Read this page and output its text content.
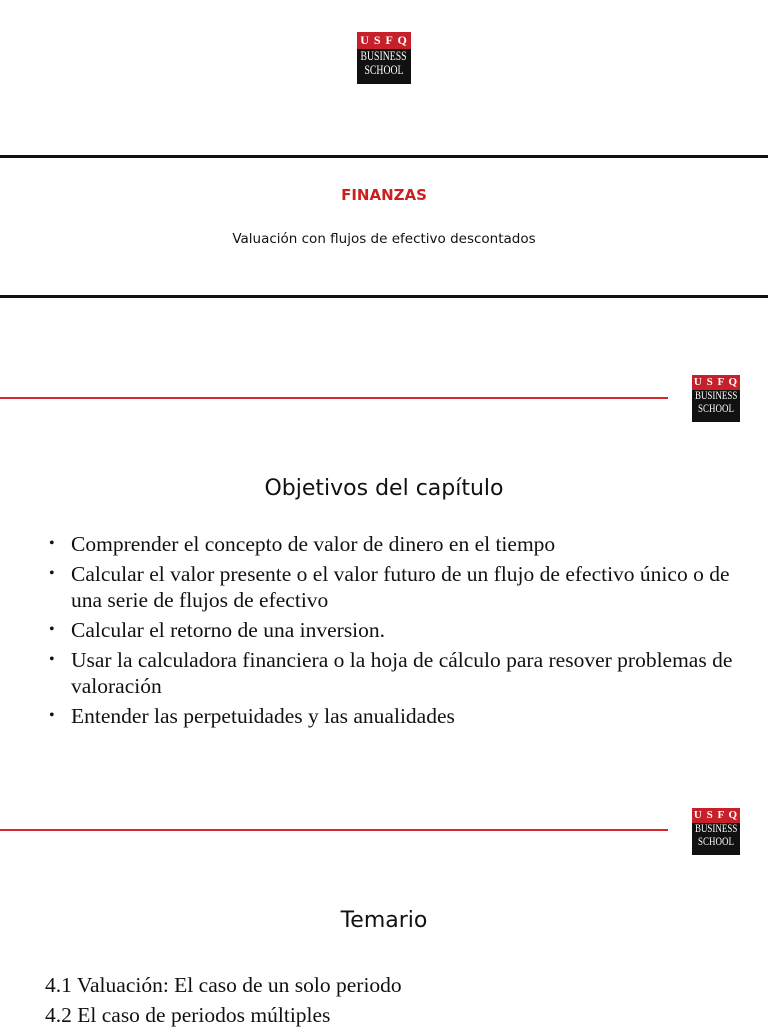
U S F Q
BUSINESS
SCHOOL
FINANZAS
Valuación con flujos de efectivo descontados
U S F Q
BUSINESS
SCHOOL
Objetivos del capítulo
• Comprender el concepto de valor de dinero en el tiempo
• Calcular el valor presente o el valor futuro de un flujo de efectivo único o de una serie de flujos de efectivo
• Calcular el retorno de una inversion.
• Usar la calculadora financiera o la hoja de cálculo para resover problemas de valoración
• Entender las perpetuidades y las anualidades
U S F Q
BUSINESS
SCHOOL
Temario
4.1 Valuación: El caso de un solo periodo
4.2 El caso de periodos múltiples
